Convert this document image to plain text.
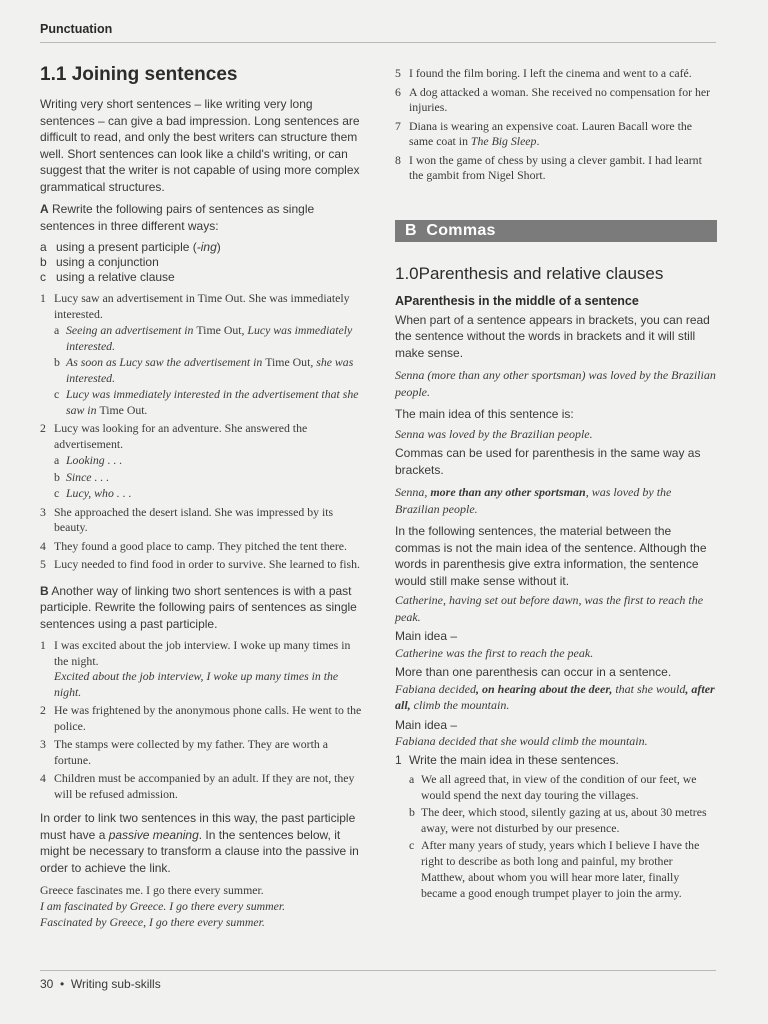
Punctuation
1.1 Joining sentences

Writing very short sentences – like writing very long sentences – can give a bad impression. Long sentences are difficult to read, and only the best writers can structure them well. Short sentences can look like a child's writing, or can suggest that the writer is not capable of using more complex grammatical structures.

A Rewrite the following pairs of sentences as single sentences in three different ways:

a using a present participle (-ing)
b using a conjunction
c using a relative clause
1 Lucy saw an advertisement in Time Out. She was immediately interested.
a Seeing an advertisement in Time Out, Lucy was immediately interested.
b As soon as Lucy saw the advertisement in Time Out, she was interested.
c Lucy was immediately interested in the advertisement that she saw in Time Out.
2 Lucy was looking for an adventure. She answered the advertisement.
a Looking . . .
b Since . . .
c Lucy, who . . .
3 She approached the desert island. She was impressed by its beauty.
4 They found a good place to camp. They pitched the tent there.
5 Lucy needed to find food in order to survive. She learned to fish.

B Another way of linking two short sentences is with a past participle. Rewrite the following pairs of sentences as single sentences using a past participle.

1 I was excited about the job interview. I woke up many times in the night.
Excited about the job interview, I woke up many times in the night.
2 He was frightened by the anonymous phone calls. He went to the police.
3 The stamps were collected by my father. They are worth a fortune.
4 Children must be accompanied by an adult. If they are not, they will be refused admission.

In order to link two sentences in this way, the past participle must have a passive meaning. In the sentences below, it might be necessary to transform a clause into the passive in order to achieve the link.

Greece fascinates me. I go there every summer.

I am fascinated by Greece. I go there every summer.

Fascinated by Greece, I go there every summer.

5 I found the film boring. I left the cinema and went to a café.
6 A dog attacked a woman. She received no compensation for her injuries.
7 Diana is wearing an expensive coat. Lauren Bacall wore the same coat in The Big Sleep.
8 I won the game of chess by using a clever gambit. I had learnt the gambit from Nigel Short.
B Commas
1.0 Parenthesis and relative clauses
A Parenthesis in the middle of a sentence

When part of a sentence appears in brackets, you can read the sentence without the words in brackets and it will still make sense.

Senna (more than any other sportsman) was loved by the Brazilian people.

The main idea of this sentence is:

Senna was loved by the Brazilian people.

Commas can be used for parenthesis in the same way as brackets.

Senna, more than any other sportsman, was loved by the Brazilian people.

In the following sentences, the material between the commas is not the main idea of the sentence. Although the words in parenthesis give extra information, the sentence would still make sense without it.

Catherine, having set out before dawn, was the first to reach the peak.

Main idea –

Catherine was the first to reach the peak.

More than one parenthesis can occur in a sentence.

Fabiana decided, on hearing about the deer, that she would, after all, climb the mountain.

Main idea –

Fabiana decided that she would climb the mountain.

1 Write the main idea in these sentences.
a We all agreed that, in view of the condition of our feet, we would spend the next day touring the villages.
b The deer, which stood, silently gazing at us, about 30 metres away, were not disturbed by our presence.
c After many years of study, years which I believe I have the right to describe as both long and painful, my brother Matthew, about whom you will hear more later, finally became a good enough trumpet player to join the army.
30 • Writing sub-skills
